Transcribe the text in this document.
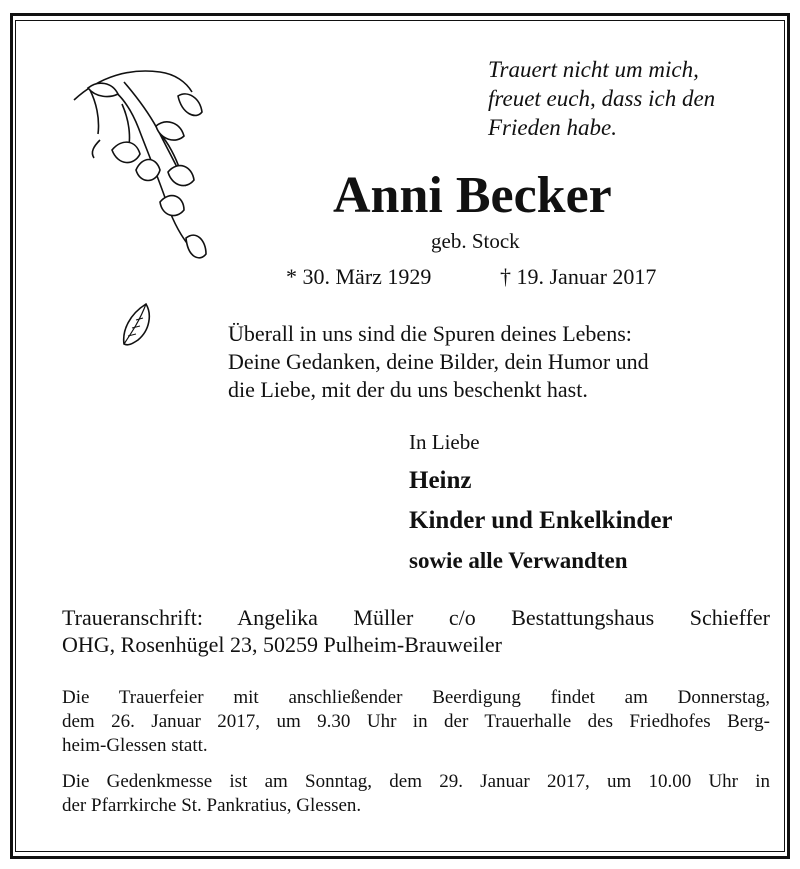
Trauert nicht um mich,
freuet euch, dass ich den
Frieden habe.
Anni Becker
geb. Stock
* 30. März 1929	† 19. Januar 2017
Überall in uns sind die Spuren deines Lebens:
Deine Gedanken, deine Bilder, dein Humor und
die Liebe, mit der du uns beschenkt hast.
In Liebe
Heinz
Kinder und Enkelkinder
sowie alle Verwandten
Traueranschrift: Angelika Müller c/o Bestattungshaus Schieffer
OHG, Rosenhügel 23, 50259 Pulheim-Brauweiler
Die Trauerfeier mit anschließender Beerdigung findet am Donnerstag,
dem 26. Januar 2017, um 9.30 Uhr in der Trauerhalle des Friedhofes Berg-
heim-Glessen statt.
Die Gedenkmesse ist am Sonntag, dem 29. Januar 2017, um 10.00 Uhr in
der Pfarrkirche St. Pankratius, Glessen.
